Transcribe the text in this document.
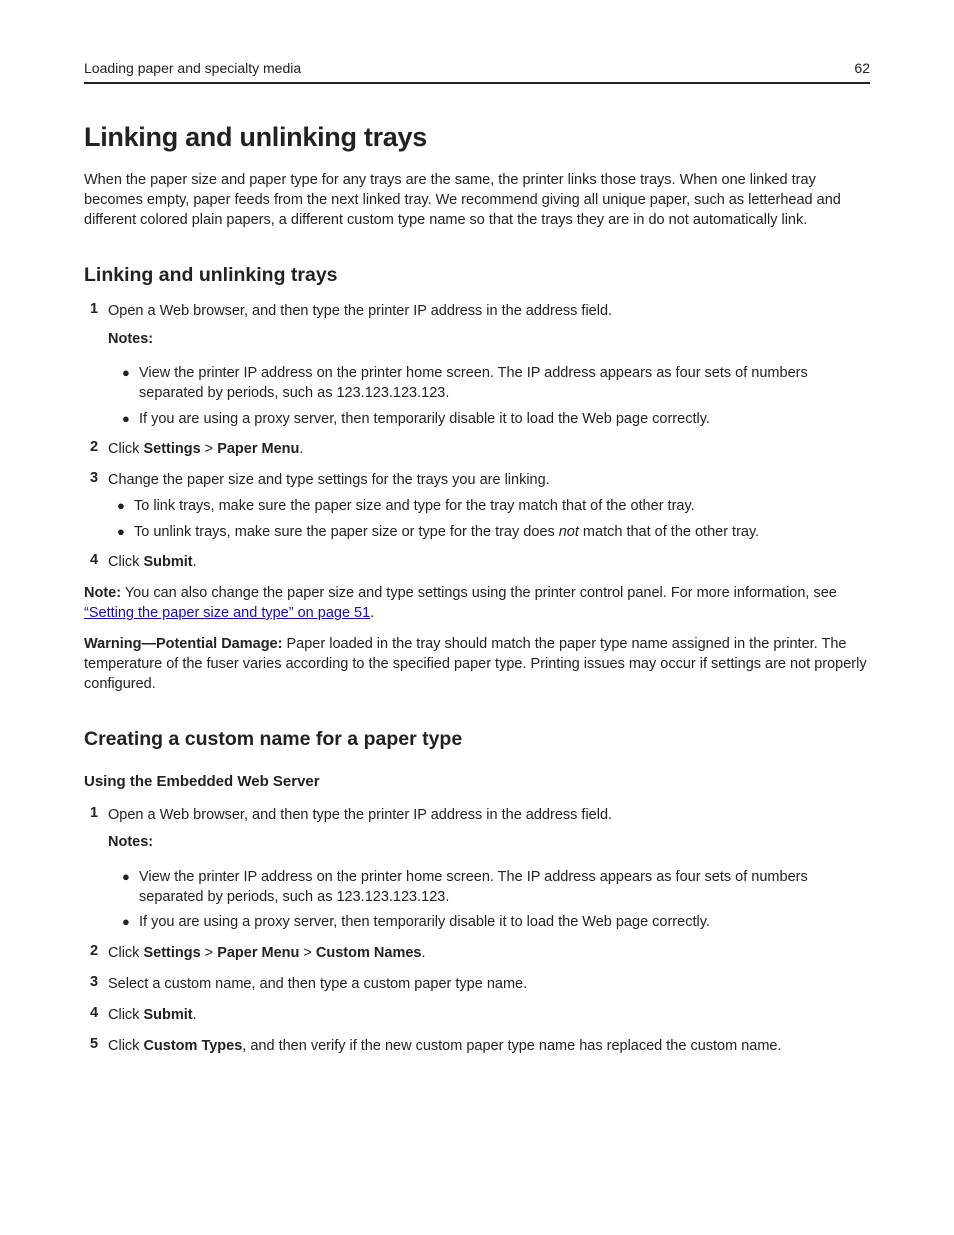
Loading paper and specialty media	62
Linking and unlinking trays

When the paper size and paper type for any trays are the same, the printer links those trays. When one linked tray becomes empty, paper feeds from the next linked tray. We recommend giving all unique paper, such as letterhead and different colored plain papers, a different custom type name so that the trays they are in do not automatically link.

Linking and unlinking trays
1 Open a Web browser, and then type the printer IP address in the address field.
Notes:
● View the printer IP address on the printer home screen. The IP address appears as four sets of numbers separated by periods, such as 123.123.123.123.
● If you are using a proxy server, then temporarily disable it to load the Web page correctly.
2 Click Settings > Paper Menu.
3 Change the paper size and type settings for the trays you are linking.
● To link trays, make sure the paper size and type for the tray match that of the other tray.
● To unlink trays, make sure the paper size or type for the tray does not match that of the other tray.
4 Click Submit.

Note: You can also change the paper size and type settings using the printer control panel. For more information, see “Setting the paper size and type” on page 51.

Warning—Potential Damage: Paper loaded in the tray should match the paper type name assigned in the printer. The temperature of the fuser varies according to the specified paper type. Printing issues may occur if settings are not properly configured.

Creating a custom name for a paper type
Using the Embedded Web Server
1 Open a Web browser, and then type the printer IP address in the address field.
Notes:
● View the printer IP address on the printer home screen. The IP address appears as four sets of numbers separated by periods, such as 123.123.123.123.
● If you are using a proxy server, then temporarily disable it to load the Web page correctly.
2 Click Settings > Paper Menu > Custom Names.
3 Select a custom name, and then type a custom paper type name.
4 Click Submit.
5 Click Custom Types, and then verify if the new custom paper type name has replaced the custom name.
